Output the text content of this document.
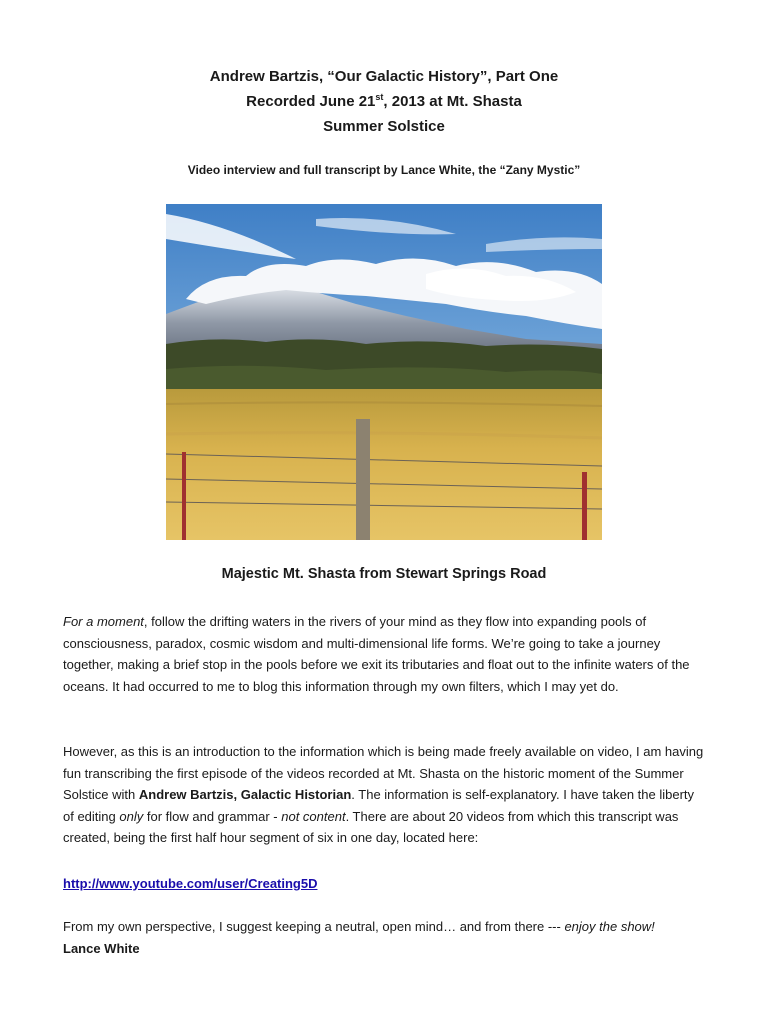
Andrew Bartzis, “Our Galactic History”, Part One
Recorded June 21st, 2013 at Mt. Shasta
Summer Solstice
Video interview and full transcript by Lance White, the “Zany Mystic”
Majestic Mt. Shasta from Stewart Springs Road
For a moment, follow the drifting waters in the rivers of your mind as they flow into expanding pools of consciousness, paradox, cosmic wisdom and multi-dimensional life forms. We’re going to take a journey together, making a brief stop in the pools before we exit its tributaries and float out to the infinite waters of the oceans. It had occurred to me to blog this information through my own filters, which I may yet do.
However, as this is an introduction to the information which is being made freely available on video, I am having fun transcribing the first episode of the videos recorded at Mt. Shasta on the historic moment of the Summer Solstice with Andrew Bartzis, Galactic Historian. The information is self-explanatory. I have taken the liberty of editing only for flow and grammar - not content. There are about 20 videos from which this transcript was created, being the first half hour segment of six in one day, located here:
http://www.youtube.com/user/Creating5D
From my own perspective, I suggest keeping a neutral, open mind… and from there --- enjoy the show!
Lance White
